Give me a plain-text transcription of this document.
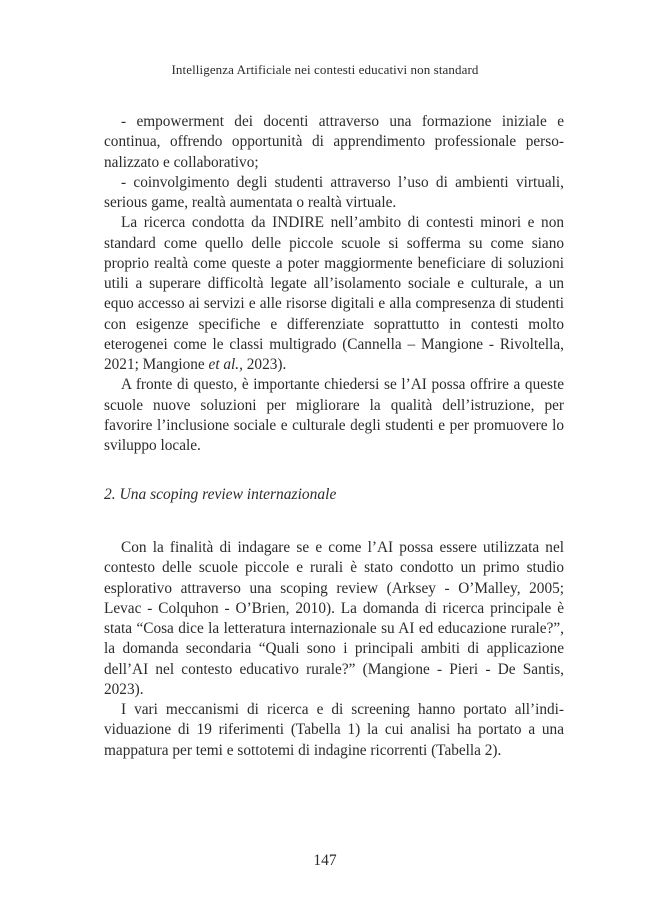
Intelligenza Artificiale nei contesti educativi non standard

- empowerment dei docenti attraverso una formazione iniziale e continua, offrendo opportunità di apprendimento professionale personalizzato e collaborativo;

- coinvolgimento degli studenti attraverso l’uso di ambienti virtuali, serious game, realtà aumentata o realtà virtuale.

La ricerca condotta da INDIRE nell’ambito di contesti minori e non standard come quello delle piccole scuole si sofferma su come siano proprio realtà come queste a poter maggiormente beneficiare di soluzioni utili a superare difficoltà legate all’isolamento sociale e culturale, a un equo accesso ai servizi e alle risorse digitali e alla compresenza di studenti con esigenze specifiche e differenziate soprattutto in contesti molto eterogenei come le classi multigrado (Cannella – Mangione - Rivoltella, 2021; Mangione et al., 2023).

A fronte di questo, è importante chiedersi se l’AI possa offrire a queste scuole nuove soluzioni per migliorare la qualità dell’istruzione, per favorire l’inclusione sociale e culturale degli studenti e per promuovere lo sviluppo locale.

2. Una scoping review internazionale

Con la finalità di indagare se e come l’AI possa essere utilizzata nel contesto delle scuole piccole e rurali è stato condotto un primo studio esplorativo attraverso una scoping review (Arksey - O’Malley, 2005; Levac - Colquhon - O’Brien, 2010). La domanda di ricerca principale è stata “Cosa dice la letteratura internazionale su AI ed educazione rurale?”, la domanda secondaria “Quali sono i principali ambiti di applicazione dell’AI nel contesto educativo rurale?” (Mangione - Pieri - De Santis, 2023).

I vari meccanismi di ricerca e di screening hanno portato all’individuazione di 19 riferimenti (Tabella 1) la cui analisi ha portato a una mappatura per temi e sottotemi di indagine ricorrenti (Tabella 2).

147
